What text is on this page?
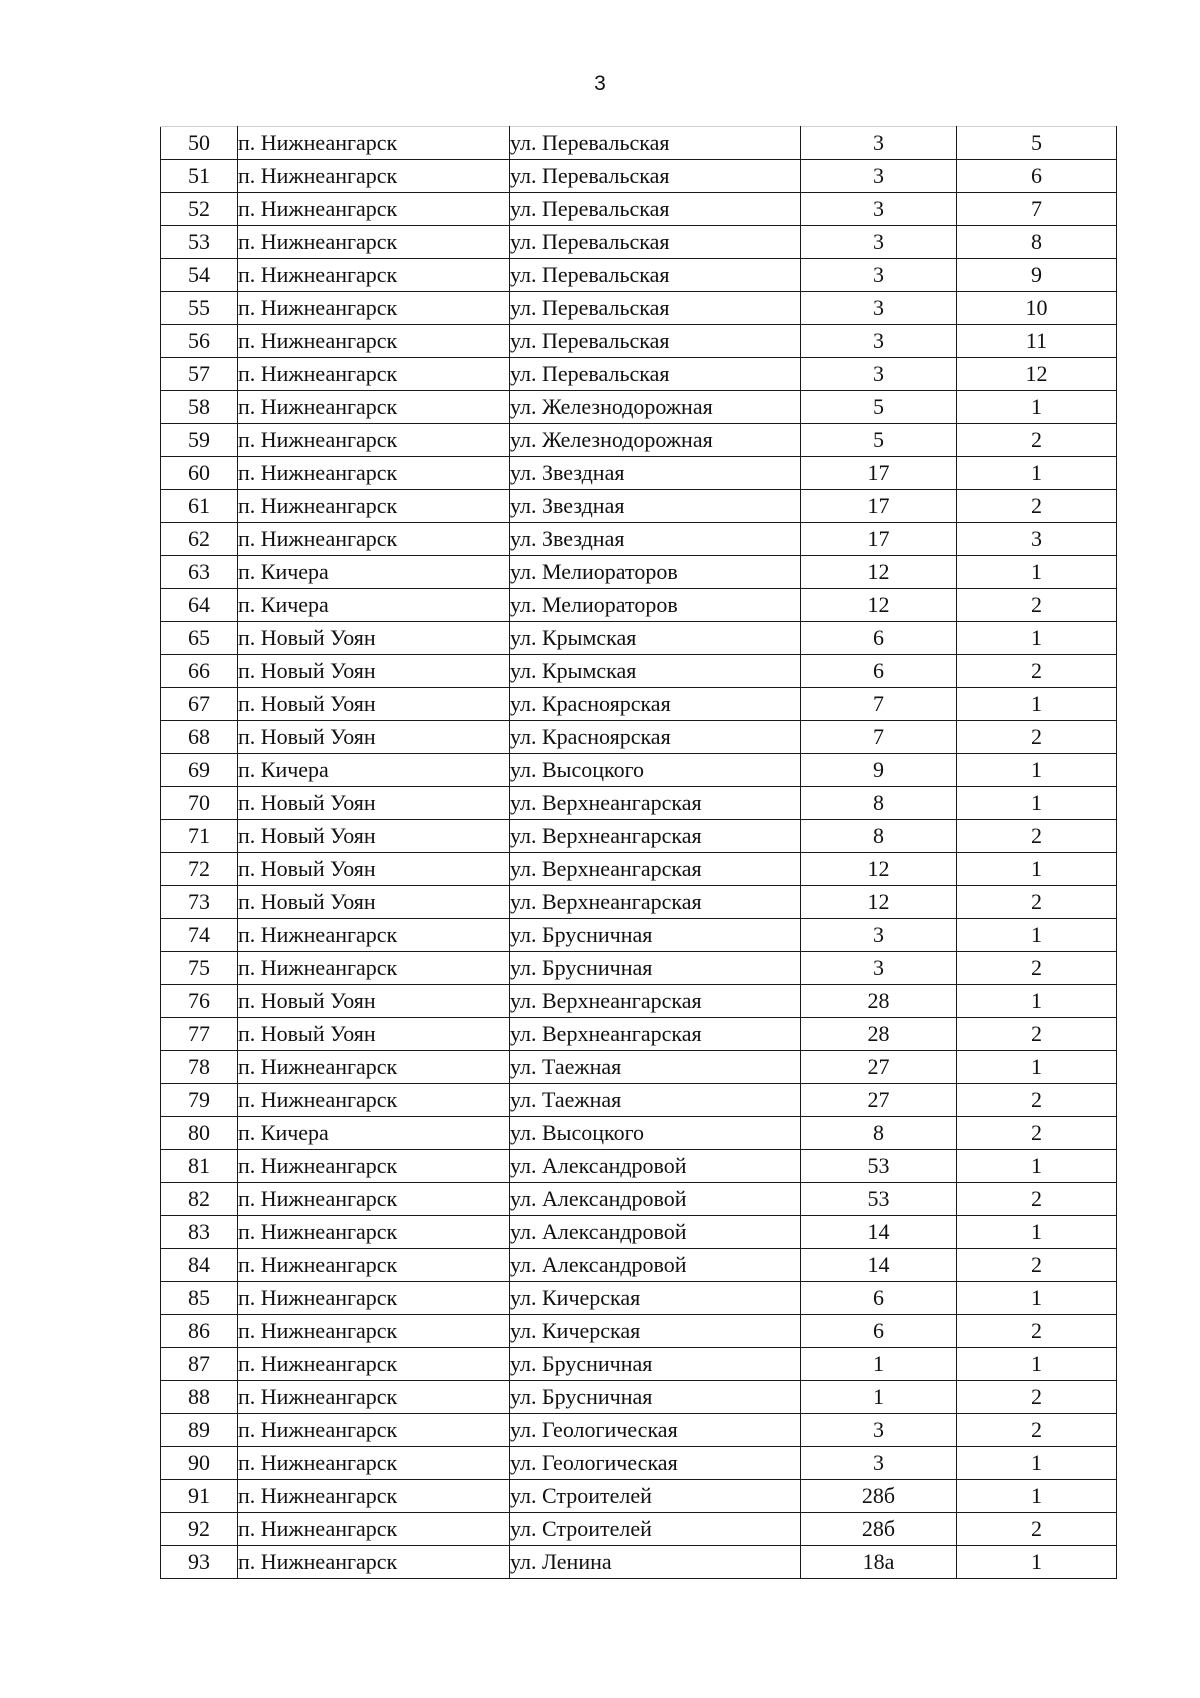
3
50	п. Нижнеангарск	ул. Перевальская	3	5
51	п. Нижнеангарск	ул. Перевальская	3	6
52	п. Нижнеангарск	ул. Перевальская	3	7
53	п. Нижнеангарск	ул. Перевальская	3	8
54	п. Нижнеангарск	ул. Перевальская	3	9
55	п. Нижнеангарск	ул. Перевальская	3	10
56	п. Нижнеангарск	ул. Перевальская	3	11
57	п. Нижнеангарск	ул. Перевальская	3	12
58	п. Нижнеангарск	ул. Железнодорожная	5	1
59	п. Нижнеангарск	ул. Железнодорожная	5	2
60	п. Нижнеангарск	ул. Звездная	17	1
61	п. Нижнеангарск	ул. Звездная	17	2
62	п. Нижнеангарск	ул. Звездная	17	3
63	п. Кичера	ул. Мелиораторов	12	1
64	п. Кичера	ул. Мелиораторов	12	2
65	п. Новый Уоян	ул. Крымская	6	1
66	п. Новый Уоян	ул. Крымская	6	2
67	п. Новый Уоян	ул. Красноярская	7	1
68	п. Новый Уоян	ул. Красноярская	7	2
69	п. Кичера	ул. Высоцкого	9	1
70	п. Новый Уоян	ул. Верхнеангарская	8	1
71	п. Новый Уоян	ул. Верхнеангарская	8	2
72	п. Новый Уоян	ул. Верхнеангарская	12	1
73	п. Новый Уоян	ул. Верхнеангарская	12	2
74	п. Нижнеангарск	ул. Брусничная	3	1
75	п. Нижнеангарск	ул. Брусничная	3	2
76	п. Новый Уоян	ул. Верхнеангарская	28	1
77	п. Новый Уоян	ул. Верхнеангарская	28	2
78	п. Нижнеангарск	ул. Таежная	27	1
79	п. Нижнеангарск	ул. Таежная	27	2
80	п. Кичера	ул. Высоцкого	8	2
81	п. Нижнеангарск	ул. Александровой	53	1
82	п. Нижнеангарск	ул. Александровой	53	2
83	п. Нижнеангарск	ул. Александровой	14	1
84	п. Нижнеангарск	ул. Александровой	14	2
85	п. Нижнеангарск	ул. Кичерская	6	1
86	п. Нижнеангарск	ул. Кичерская	6	2
87	п. Нижнеангарск	ул. Брусничная	1	1
88	п. Нижнеангарск	ул. Брусничная	1	2
89	п. Нижнеангарск	ул. Геологическая	3	2
90	п. Нижнеангарск	ул. Геологическая	3	1
91	п. Нижнеангарск	ул. Строителей	28б	1
92	п. Нижнеангарск	ул. Строителей	28б	2
93	п. Нижнеангарск	ул. Ленина	18а	1
